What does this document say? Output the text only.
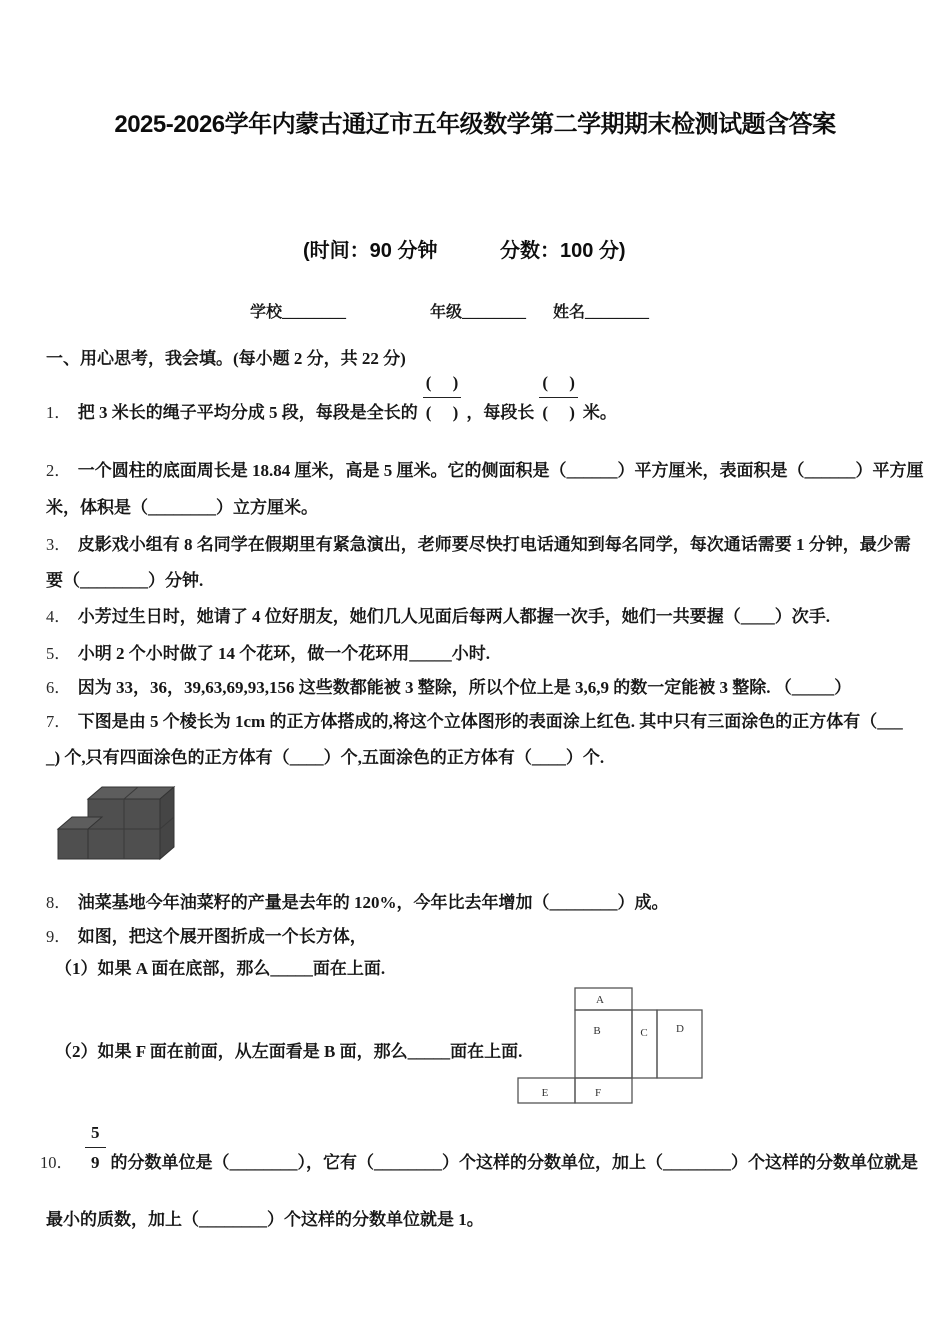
2025-2026学年内蒙古通辽市五年级数学第二学期期末检测试题含答案
(时间：90 分钟	分数：100 分)
学校________	年级________ 姓名________
一、用心思考，我会填。(每小题 2 分，共 22 分)
1． 把 3 米长的绳子平均分成 5 段，每段是全长的 $\frac{( )}{( )}$ ，每段长 $\frac{( )}{( )}$ 米。
2． 一个圆柱的底面周长是 18.84 厘米，高是 5 厘米。它的侧面积是（______）平方厘米，表面积是（______）平方厘
米，体积是（________）立方厘米。
3． 皮影戏小组有 8 名同学在假期里有紧急演出，老师要尽快打电话通知到每名同学，每次通话需要 1 分钟，最少需
要（________）分钟.
4． 小芳过生日时，她请了 4 位好朋友，她们几人见面后每两人都握一次手，她们一共要握（____）次手.
5． 小明 2 个小时做了 14 个花环，做一个花环用_____小时.
6． 因为 33，36，39,63,69,93,156 这些数都能被 3 整除，所以个位上是 3,6,9 的数一定能被 3 整除. （_____）
7． 下图是由 5 个棱长为 1cm 的正方体搭成的,将这个立体图形的表面涂上红色. 其中只有三面涂色的正方体有（___
_) 个,只有四面涂色的正方体有（____）个,五面涂色的正方体有（____）个.
8． 油菜基地今年油菜籽的产量是去年的 120%，今年比去年增加（________）成。
9． 如图，把这个展开图折成一个长方体，
（1）如果 A 面在底部，那么_____面在上面.
A
B	C	D
E	F
（2）如果 F 面在前面，从左面看是 B 面，那么_____面在上面.
10． $\frac{5}{9}$ 的分数单位是（________），它有（________）个这样的分数单位，加上（________）个这样的分数单位就是
最小的质数，加上（________）个这样的分数单位就是 1。
